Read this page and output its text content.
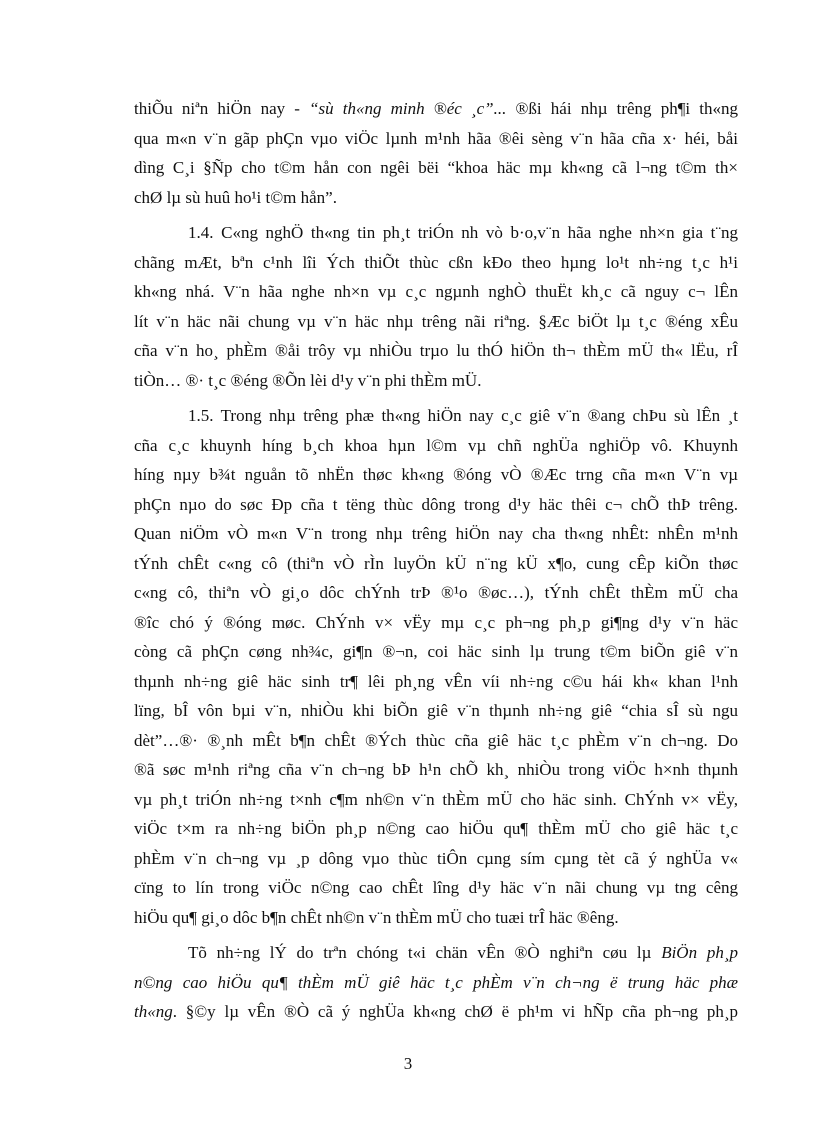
thiÕu niªn hiÖn nay - “sù th«ng minh ®éc ¸c”... ®ßi hái nhµ trêng ph¶i th«ng
qua m«n v¨n gãp phÇn vµo viÖc lµnh m¹nh hãa ®êi sèng v¨n hãa cña x· héi, båi
dìng C¸i §Ñp cho t©m hån con ngêi bëi “khoa häc mµ kh«ng cã l¬ng t©m th×
chØ lµ sù huû ho¹i t©m hån”.
1.4. C«ng nghÖ th«ng tin ph¸t triÓn nh vò b·o,v¨n hãa nghe nh×n gia t¨ng
chãng mÆt, bªn c¹nh lîi Ých thiÕt thùc cßn kÐo theo hµng lo¹t nh÷ng t¸c h¹i
kh«ng nhá. V¨n hãa nghe nh×n vµ c¸c ngµnh nghÒ thuËt kh¸c cã nguy c¬ lÊn
lít v¨n häc nãi chung vµ v¨n häc nhµ trêng nãi riªng. §Æc biÖt lµ t¸c ®éng xÊu
cña v¨n ho¸ phÈm ®åi trôy vµ nhiÒu trµo lu thÓ hiÖn th¬ thÈm mÜ th« lËu, rÎ
tiÒn… ®· t¸c ®éng ®Õn lèi d¹y v¨n phi thÈm mÜ.
1.5. Trong nhµ trêng phæ th«ng hiÖn nay c¸c giê v¨n ®ang chÞu sù lÊn ¸t
cña c¸c khuynh híng b¸ch khoa hµn l©m vµ chñ nghÜa nghiÖp vô. Khuynh
híng nµy b¾t nguån tõ nhËn thøc kh«ng ®óng vÒ ®Æc trng cña m«n V¨n vµ
phÇn nµo do søc Ðp cña t tëng thùc dông trong d¹y häc thêi c¬ chÕ thÞ trêng.
Quan niÖm vÒ m«n V¨n trong nhµ trêng hiÖn nay cha th«ng nhÊt: nhÊn m¹nh
tÝnh chÊt c«ng cô (thiªn vÒ rÌn luyÖn kÜ n¨ng kÜ x¶o, cung cÊp kiÕn thøc
c«ng cô, thiªn vÒ gi¸o dôc chÝnh trÞ ®¹o ®øc…), tÝnh chÊt thÈm mÜ cha
®îc chó ý ®óng møc. ChÝnh v× vËy mµ c¸c ph¬ng ph¸p gi¶ng d¹y v¨n häc
còng cã phÇn cøng nh¾c, gi¶n ®¬n, coi häc sinh lµ trung t©m biÕn giê v¨n
thµnh nh÷ng giê häc sinh tr¶ lêi ph¸ng vÊn víi nh÷ng c©u hái kh« khan l¹nh
lïng, bÎ vôn bµi v¨n, nhiÒu khi biÕn giê v¨n thµnh nh÷ng giê “chia sÎ sù ngu
dèt”…®· ®¸nh mÊt b¶n chÊt ®Ých thùc cña giê häc t¸c phÈm v¨n ch¬ng. Do
®ã søc m¹nh riªng cña v¨n ch¬ng bÞ h¹n chÕ kh¸ nhiÒu trong viÖc h×nh thµnh
vµ ph¸t triÓn nh÷ng t×nh c¶m nh©n v¨n thÈm mÜ cho häc sinh. ChÝnh v× vËy,
viÖc t×m ra nh÷ng biÖn ph¸p n©ng cao hiÖu qu¶ thÈm mÜ cho giê häc t¸c
phÈm v¨n ch¬ng vµ ¸p dông vµo thùc tiÔn cµng sím cµng tèt cã ý nghÜa v«
cïng to lín trong viÖc n©ng cao chÊt lîng d¹y häc v¨n nãi chung vµ tng cêng
hiÖu qu¶ gi¸o dôc b¶n chÊt nh©n v¨n thÈm mÜ cho tuæi trÎ häc ®êng.
Tõ nh÷ng lÝ do trªn chóng t«i chän vÊn ®Ò nghiªn cøu lµ BiÖn ph¸p
n©ng cao hiÖu qu¶ thÈm mÜ giê häc t¸c phÈm v¨n ch¬ng ë trung häc phæ
th«ng. §©y lµ vÊn ®Ò cã ý nghÜa kh«ng chØ ë ph¹m vi hÑp cña ph¬ng ph¸p
3
